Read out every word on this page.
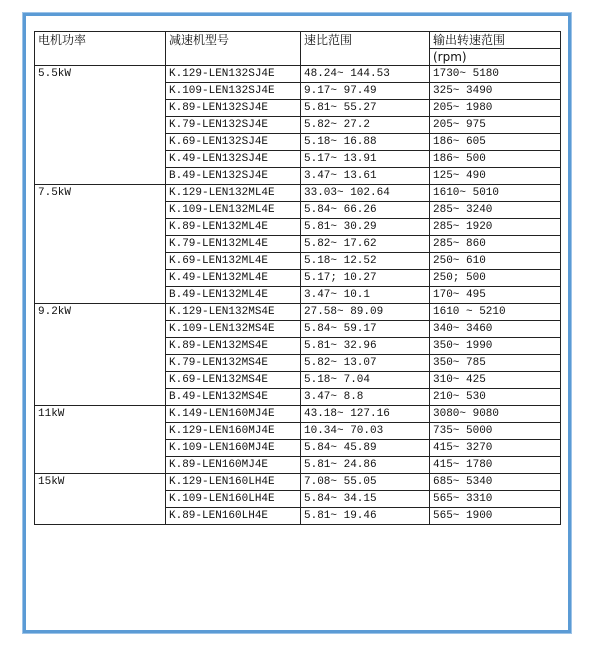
电机功率	减速机型号	速比范围	输出转速范围
			(rpm)
5.5kW	K.129-LEN132SJ4E	48.24~ 144.53	1730~ 5180
	K.109-LEN132SJ4E	9.17~ 97.49	325~ 3490
	K.89-LEN132SJ4E	5.81~ 55.27	205~ 1980
	K.79-LEN132SJ4E	5.82~ 27.2	205~ 975
	K.69-LEN132SJ4E	5.18~ 16.88	186~ 605
	K.49-LEN132SJ4E	5.17~ 13.91	186~ 500
	B.49-LEN132SJ4E	3.47~ 13.61	125~ 490
7.5kW	K.129-LEN132ML4E	33.03~ 102.64	1610~ 5010
	K.109-LEN132ML4E	5.84~ 66.26	285~ 3240
	K.89-LEN132ML4E	5.81~ 30.29	285~ 1920
	K.79-LEN132ML4E	5.82~ 17.62	285~ 860
	K.69-LEN132ML4E	5.18~ 12.52	250~ 610
	K.49-LEN132ML4E	5.17; 10.27	250; 500
	B.49-LEN132ML4E	3.47~ 10.1	170~ 495
9.2kW	K.129-LEN132MS4E	27.58~ 89.09	1610 ~ 5210
	K.109-LEN132MS4E	5.84~ 59.17	340~ 3460
	K.89-LEN132MS4E	5.81~ 32.96	350~ 1990
	K.79-LEN132MS4E	5.82~ 13.07	350~ 785
	K.69-LEN132MS4E	5.18~ 7.04	310~ 425
	B.49-LEN132MS4E	3.47~ 8.8	210~ 530
11kW	K.149-LEN160MJ4E	43.18~ 127.16	3080~ 9080
	K.129-LEN160MJ4E	10.34~ 70.03	735~ 5000
	K.109-LEN160MJ4E	5.84~ 45.89	415~ 3270
	K.89-LEN160MJ4E	5.81~ 24.86	415~ 1780
15kW	K.129-LEN160LH4E	7.08~ 55.05	685~ 5340
	K.109-LEN160LH4E	5.84~ 34.15	565~ 3310
	K.89-LEN160LH4E	5.81~ 19.46	565~ 1900
